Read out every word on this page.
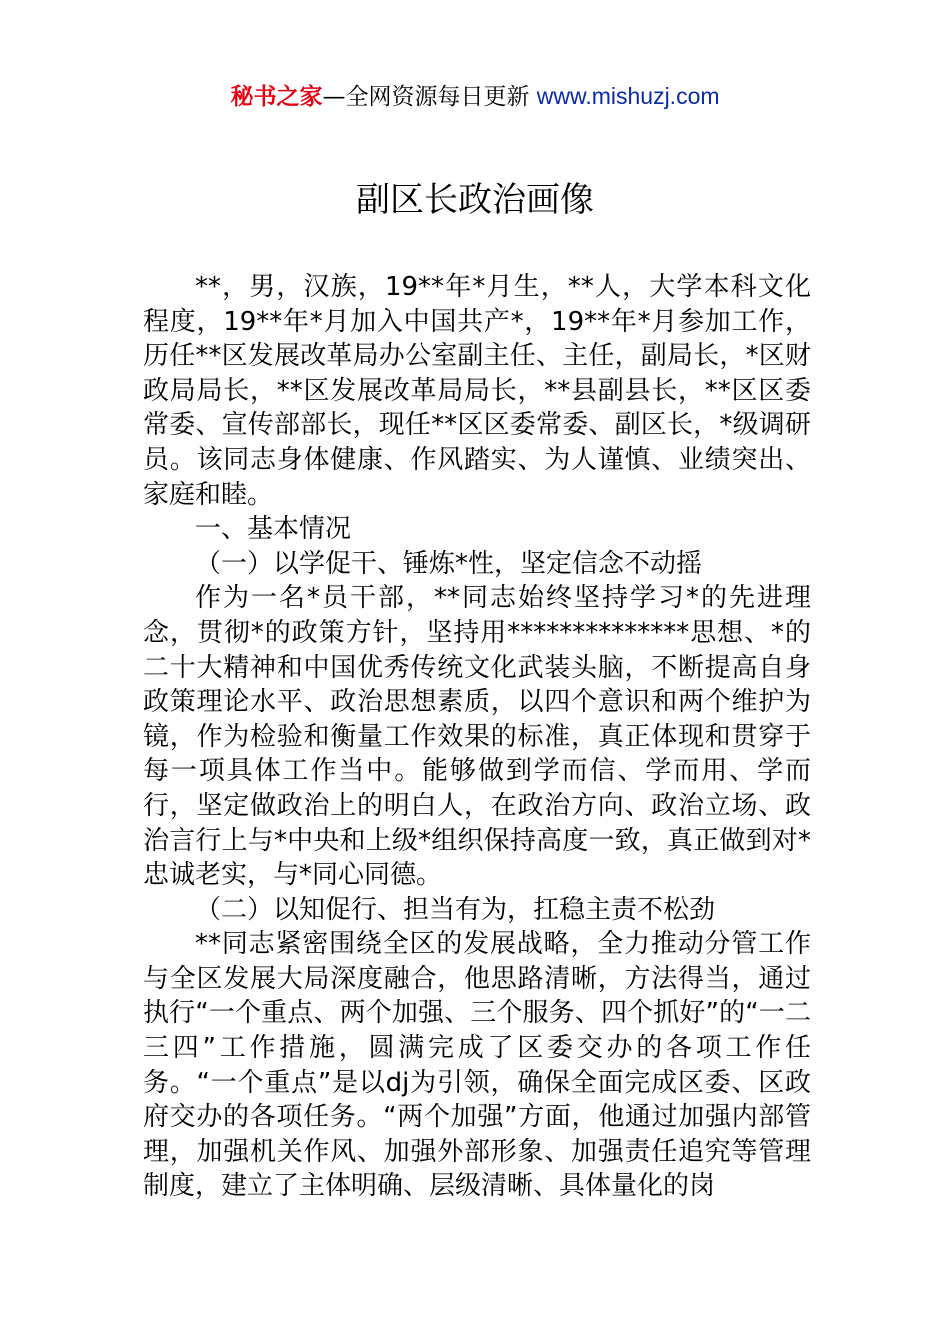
秘书之家—全网资源每日更新 www.mishuzj.com
副区长政治画像

**，男，汉族，19**年*月生，**人，大学本科文化程度，19**年*月加入中国共产*，19**年*月参加工作，历任**区发展改革局办公室副主任、主任，副局长，*区财政局局长，**区发展改革局局长，**县副县长，**区区委常委、宣传部部长，现任**区区委常委、副区长，*级调研员。该同志身体健康、作风踏实、为人谨慎、业绩突出、家庭和睦。

一、基本情况

（一）以学促干、锤炼*性，坚定信念不动摇

作为一名*员干部，**同志始终坚持学习*的先进理念，贯彻*的政策方针，坚持用**************思想、*的二十大精神和中国优秀传统文化武装头脑，不断提高自身政策理论水平、政治思想素质，以四个意识和两个维护为镜，作为检验和衡量工作效果的标准，真正体现和贯穿于每一项具体工作当中。能够做到学而信、学而用、学而行，坚定做政治上的明白人，在政治方向、政治立场、政治言行上与*中央和上级*组织保持高度一致，真正做到对*忠诚老实，与*同心同德。

（二）以知促行、担当有为，扛稳主责不松劲

**同志紧密围绕全区的发展战略，全力推动分管工作与全区发展大局深度融合，他思路清晰，方法得当，通过执行“一个重点、两个加强、三个服务、四个抓好”的“一二三四”工作措施，圆满完成了区委交办的各项工作任务。“一个重点”是以dj为引领，确保全面完成区委、区政府交办的各项任务。“两个加强”方面，他通过加强内部管理，加强机关作风、加强外部形象、加强责任追究等管理制度，建立了主体明确、层级清晰、具体量化的岗
